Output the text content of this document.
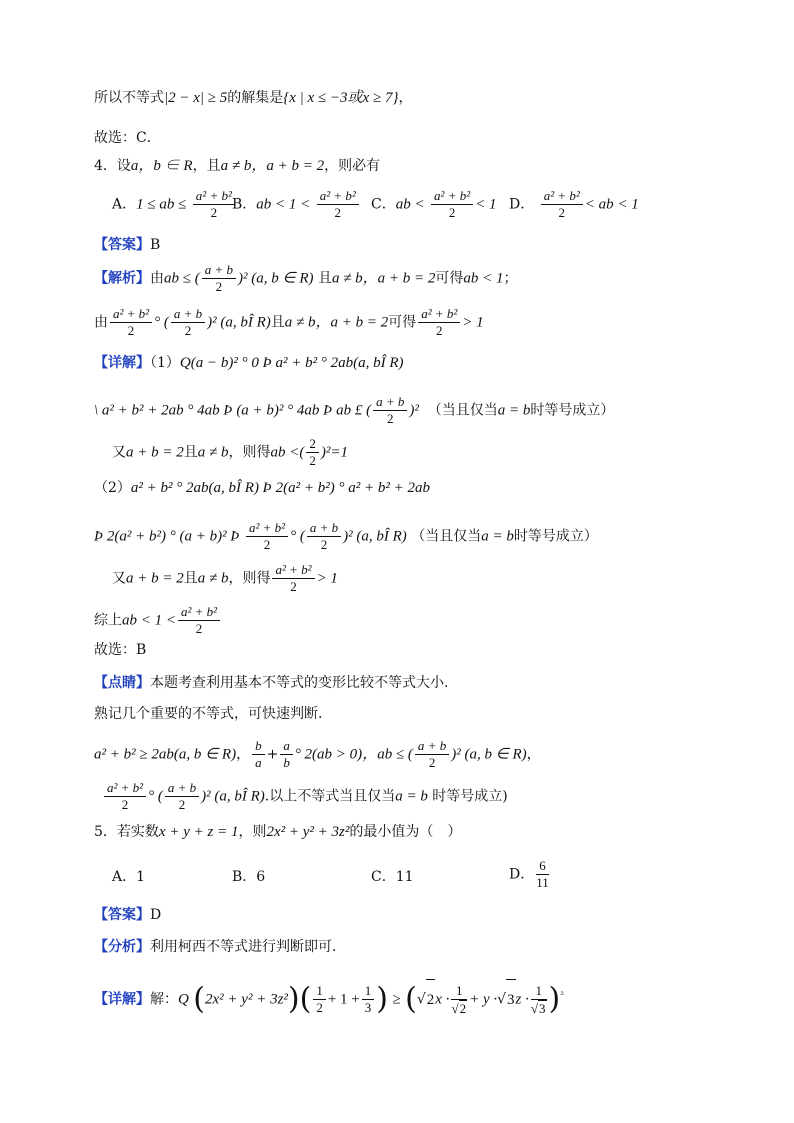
所以不等式|2 − x| ≥ 5的解集是{x | x ≤ −3或x ≥ 7}，
故选：C．
4．设a，b ∈ R，且a ≠ b，a + b = 2，则必有
A．1 ≤ ab ≤ $\frac{\text{a² + b²}}{2}$
B．ab < $1 < \frac{\text{a² + b²}}{2}$ C．ab < $\frac{\text{a² + b²}}{2} < 1$ D． $\frac{\text{a² + b²}}{2}$ < ab < 1
【答案】B
【解析】由ab ≤ ( $\frac{a + b}{2} )^2$ (a, b ∈ R) 且a ≠ b，a + b = 2可得ab < 1；
由 $\frac{\text{a² + b²}}{2}$ ° ( $\frac{a + b}{2} )^2$ (a, bÎ R)且a ≠ b，a + b = 2可得 $\frac{\text{a² + b²}}{2} > 1$
【详解】（1）Q(a − b)² ° 0 Þ a² + b² ° 2ab(a, bÎ R)
\ a² + b² + 2ab ° 4ab Þ (a + b)² ° 4ab Þ ab £ ( $\frac{a + b}{2} )^2$ （当且仅当a = b时等号成立）
又a + b = 2且a ≠ b，则得ab <( $\frac{2}{2} )^2=1$
（2）a² + b² ° 2ab(a, bÎ R) Þ 2(a² + b²) ° a² + b² + 2ab
Þ 2(a² + b²) ° (a + b)² Þ $\frac{\text{a² + b²}}{2}$ ° ( $\frac{a + b}{2} )^2$ (a, bÎ R) （当且仅当a = b时等号成立）
又a + b = 2且a ≠ b，则得 $\frac{\text{a² + b²}}{2} > 1$
综上ab < $1 < \frac{\text{a² + b²}}{2}$
故选：B
【点睛】本题考查利用基本不等式的变形比较不等式大小.
熟记几个重要的不等式，可快速判断.
a² + b² ≥ 2ab(a, b ∈ R)， $\frac{b}{a} + \frac{a}{b}$ ° 2(ab > 0)，ab ≤ ( $\frac{a + b}{2} )^2$ (a, b ∈ R)，
$\frac{\text{a² + b²}}{2}$ ° ( $\frac{a + b}{2} )^2$ (a, bÎ R).以上不等式当且仅当a = b 时等号成立)
5．若实数x + y + z = 1，则2x² + y² + 3z²的最小值为（　）
A．1	B．6	C．11	D． $\frac{6}{11}$
【答案】D
【分析】利用柯西不等式进行判断即可．
【详解】解：Q $(2x^2 + y^2 + 3z^2)( \frac{1}{2} + 1 + \frac{1}{3}$ ) ≥ $(√2x \cdot \frac{1}{√2} + y \cdot√3z \cdot \frac{1}{√3} )^{^2}$
